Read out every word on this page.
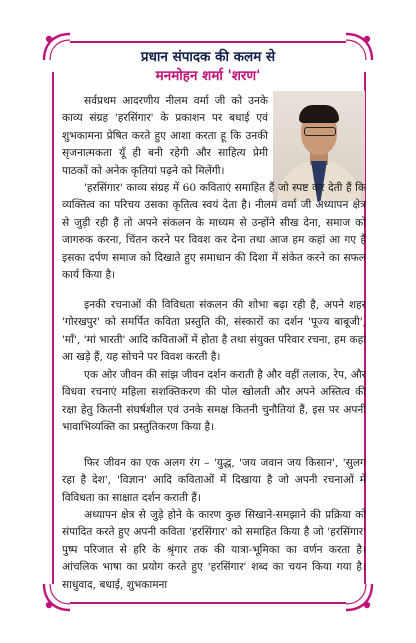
प्रधान संपादक की कलम से
मनमोहन शर्मा 'शरण'

सर्वप्रथम आदरणीय नीलम वर्मा जी को उनके काव्य संग्रह 'हरसिंगार' के प्रकाशन पर बधाई एवं शुभकामना प्रेषित करते हुए आशा करता हू कि उनकी सृजनात्मकता यूँ ही बनी रहेगी और साहित्य प्रेमी पाठकों को अनेक कृतियां पढ़ने को मिलेंगी।

'हरसिंगार' काव्य संग्रह में 60 कविताएं समाहित हैं जो स्पष्ट कर देती हैं कि व्यक्तित्व का परिचय उसका कृतित्व स्वयं देता है। नीलम वर्मा जी अध्यापन क्षेत्र से जुड़ी रही हैं तो अपने संकलन के माध्यम से उन्होंने सीख देना, समाज को जागरुक करना, चिंतन करने पर विवश कर देना तथा आज हम कहां आ गए हैं इसका दर्पण समाज को दिखाते हुए समाधान की दिशा में संकेत करने का सफल कार्य किया है।

इनकी रचनाओं की विविधता संकलन की शोभा बढ़ा रही है, अपने शहर 'गोरखपुर' को समर्पित कविता प्रस्तुति की, संस्कारों का दर्शन 'पूज्य बाबूजी', 'माँ', 'मां भारती' आदि कविताओं में होता है तथा संयुक्त परिवार रचना, हम कहां आ खड़े हैं, यह सोचने पर विवश करती है।

एक ओर जीवन की सांझ जीवन दर्शन कराती है और वहीं तलाक, रेप, और विधवा रचनाएं महिला सशक्तिकरण की पोल खोलती और अपने अस्तित्व की रक्षा हेतु कितनी संघर्षशील एवं उनके समक्ष कितनी चुनौतियां हैं, इस पर अपनी भावाभिव्यक्ति का प्रस्तुतिकरण किया है।

फिर जीवन का एक अलग रंग – 'युद्ध, 'जय जवान जय किसान', 'सुलग रहा है देश', 'विज्ञान' आदि कविताओं में दिखाया है जो अपनी रचनाओं में विविधता का साक्षात दर्शन कराती हैं।

अध्यापन क्षेत्र से जुड़े होने के कारण कुछ सिखाने-समझाने की प्रक्रिया को संपादित करते हुए अपनी कविता 'हरसिंगार' को समाहित किया है जो 'हरसिंगार' पुष्प परिजात से हरि के श्रृंगार तक की यात्रा-भूमिका का वर्णन करता है। आंचलिक भाषा का प्रयोग करते हुए 'हरसिंगार' शब्द का चयन किया गया है। साधुवाद, बधाई, शुभकामना
